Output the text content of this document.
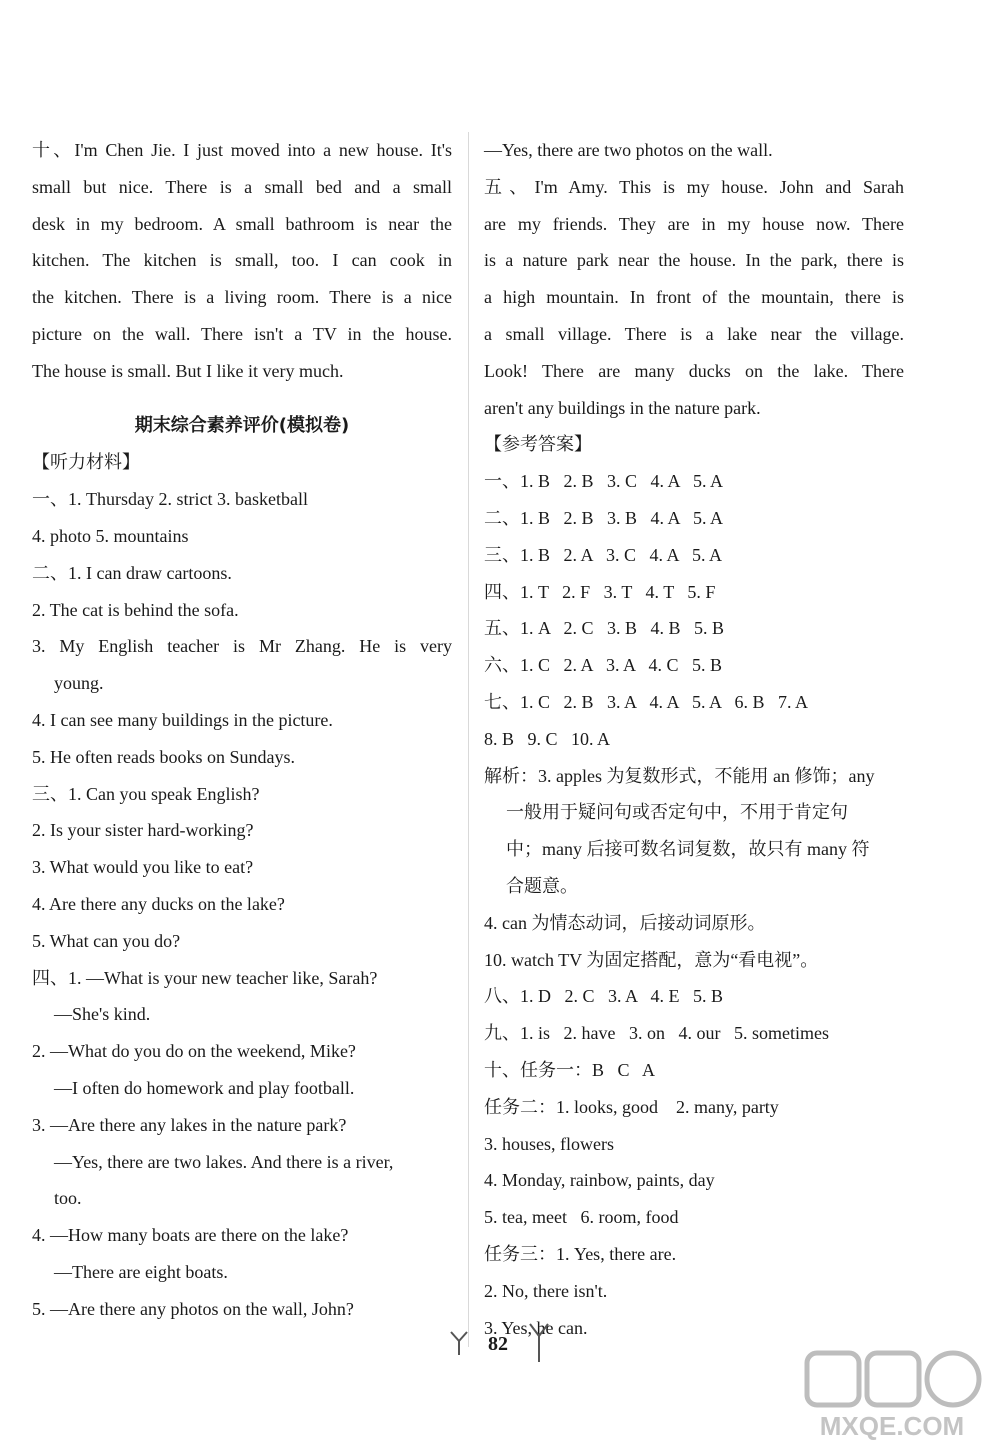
十、I'm Chen Jie. I just moved into a new house. It's
small but nice. There is a small bed and a small
desk in my bedroom. A small bathroom is near the
kitchen. The kitchen is small, too. I can cook in
the kitchen. There is a living room. There is a nice
picture on the wall. There isn't a TV in the house.
The house is small. But I like it very much.
期末综合素养评价(模拟卷)
【听力材料】
一、1. Thursday 2. strict 3. basketball
4. photo 5. mountains
二、1. I can draw cartoons.
2. The cat is behind the sofa.
3. My English teacher is Mr Zhang. He is very
young.
4. I can see many buildings in the picture.
5. He often reads books on Sundays.
三、1. Can you speak English?
2. Is your sister hard-working?
3. What would you like to eat?
4. Are there any ducks on the lake?
5. What can you do?
四、1. —What is your new teacher like, Sarah?
—She's kind.
2. —What do you do on the weekend, Mike?
—I often do homework and play football.
3. —Are there any lakes in the nature park?
—Yes, there are two lakes. And there is a river,
too.
4. —How many boats are there on the lake?
—There are eight boats.
5. —Are there any photos on the wall, John?
—Yes, there are two photos on the wall.
五、I'm Amy. This is my house. John and Sarah
are my friends. They are in my house now. There
is a nature park near the house. In the park, there is
a high mountain. In front of the mountain, there is
a small village. There is a lake near the village.
Look! There are many ducks on the lake. There
aren't any buildings in the nature park.
【参考答案】
一、1. B   2. B   3. C   4. A   5. A
二、1. B   2. B   3. B   4. A   5. A
三、1. B   2. A   3. C   4. A   5. A
四、1. T   2. F   3. T   4. T   5. F
五、1. A   2. C   3. B   4. B   5. B
六、1. C   2. A   3. A   4. C   5. B
七、1. C   2. B   3. A   4. A   5. A   6. B   7. A
8. B   9. C   10. A
解析：3. apples 为复数形式，不能用 an 修饰；any
一般用于疑问句或否定句中，不用于肯定句
中；many 后接可数名词复数，故只有 many 符
合题意。
4. can 为情态动词，后接动词原形。
10. watch TV 为固定搭配，意为“看电视”。
八、1. D   2. C   3. A   4. E   5. B
九、1. is   2. have   3. on   4. our   5. sometimes
十、任务一：B   C   A
任务二：1. looks, good    2. many, party
3. houses, flowers
4. Monday, rainbow, paints, day
5. tea, meet   6. room, food
任务三：1. Yes, there are.
2. No, there isn't.
3. Yes, he can.
82
MXQE.COM
